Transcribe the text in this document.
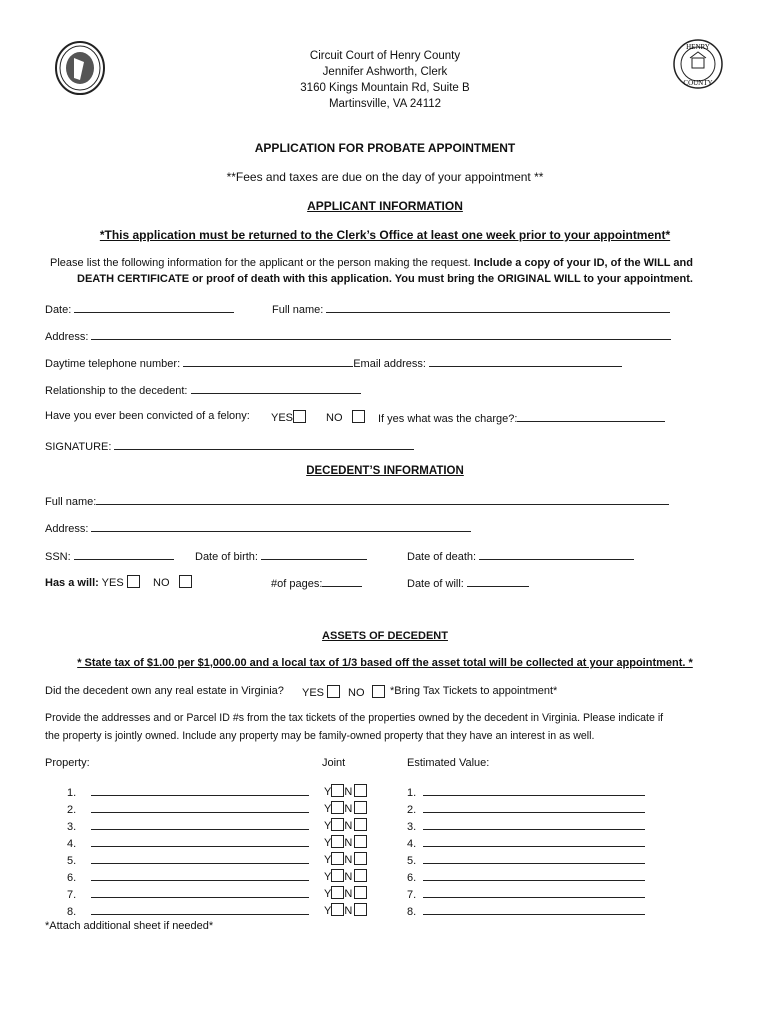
HENRY
COUNTY
Circuit Court of Henry County
Jennifer Ashworth, Clerk
3160 Kings Mountain Rd, Suite B
Martinsville, VA 24112
APPLICATION FOR PROBATE APPOINTMENT
**Fees and taxes are due on the day of your appointment **
APPLICANT INFORMATION
*This application must be returned to the Clerk’s Office at least one week prior to your appointment*
Please list the following information for the applicant or the person making the request. Include a copy of your ID, of the WILL and
DEATH CERTIFICATE or proof of death with this application. You must bring the ORIGINAL WILL to your appointment.
Date:	Full name:
Address:
Daytime telephone number:	Email address:
Relationship to the decedent:
Have you ever been convicted of a felony: YES	NO	If yes what was the charge?:
SIGNATURE:
DECEDENT’S INFORMATION
Full name:
Address:
SSN:	Date of birth:	Date of death:
Has a will: YES	NO	#of pages:	Date of will:
ASSETS OF DECEDENT
* State tax of $1.00 per $1,000.00 and a local tax of 1/3 based off the asset total will be collected at your appointment. *
Did the decedent own any real estate in Virginia? YES	NO	*Bring Tax Tickets to appointment*
Provide the addresses and or Parcel ID #s from the tax tickets of the properties owned by the decedent in Virginia. Please indicate if
the property is jointly owned. Include any property may be family-owned property that they have an interest in as well.
Property:	Joint	Estimated Value:
1.	Y N	1.
2.	Y N	2.
3.	Y N	3.
4.	Y N	4.
5.	Y N	5.
6.	Y N	6.
7.	Y N	7.
8.	Y N	8.
*Attach additional sheet if needed*
